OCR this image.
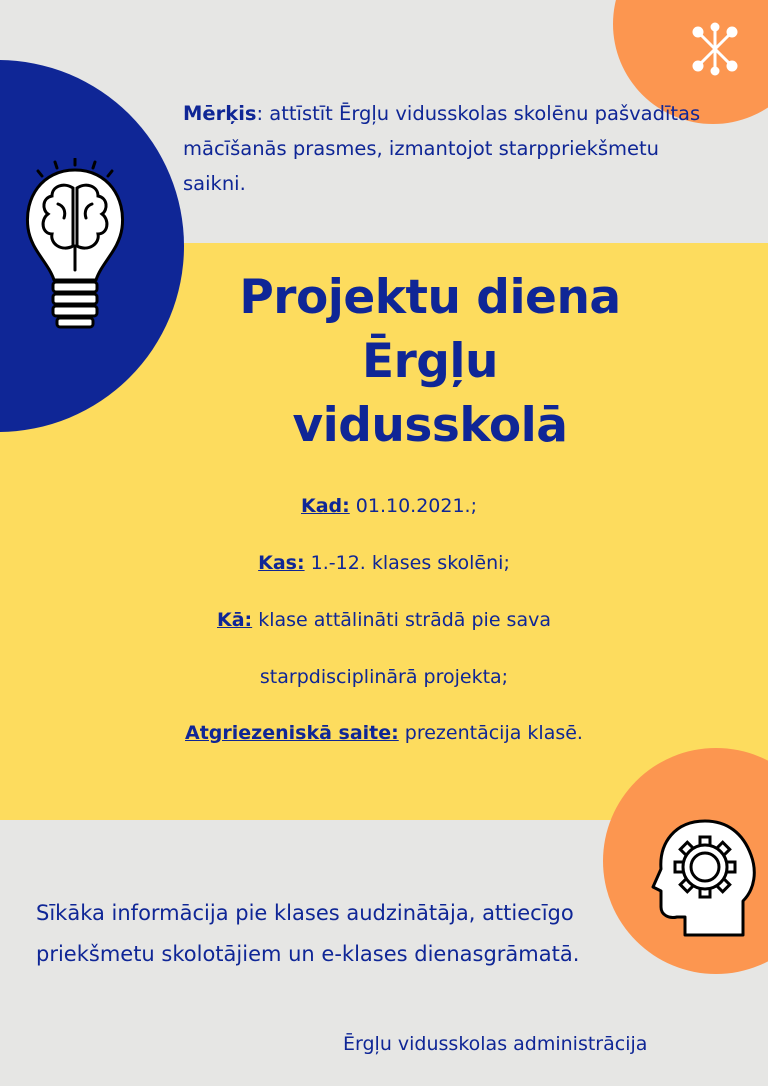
Mērķis: attīstīt Ērgļu vidusskolas skolēnu pašvadītas mācīšanās prasmes, izmantojot starppriekšmetu saikni.
Projektu diena
Ērgļu
vidusskolā
Kad: 01.10.2021.;
Kas: 1.-12. klases skolēni;
Kā: klase attālināti strādā pie sava
starpdisciplinārā projekta;
Atgriezeniskā saite: prezentācija klasē.
Sīkāka informācija pie klases audzinātāja, attiecīgo priekšmetu skolotājiem un e-klases dienasgrāmatā.
Ērgļu vidusskolas administrācija
